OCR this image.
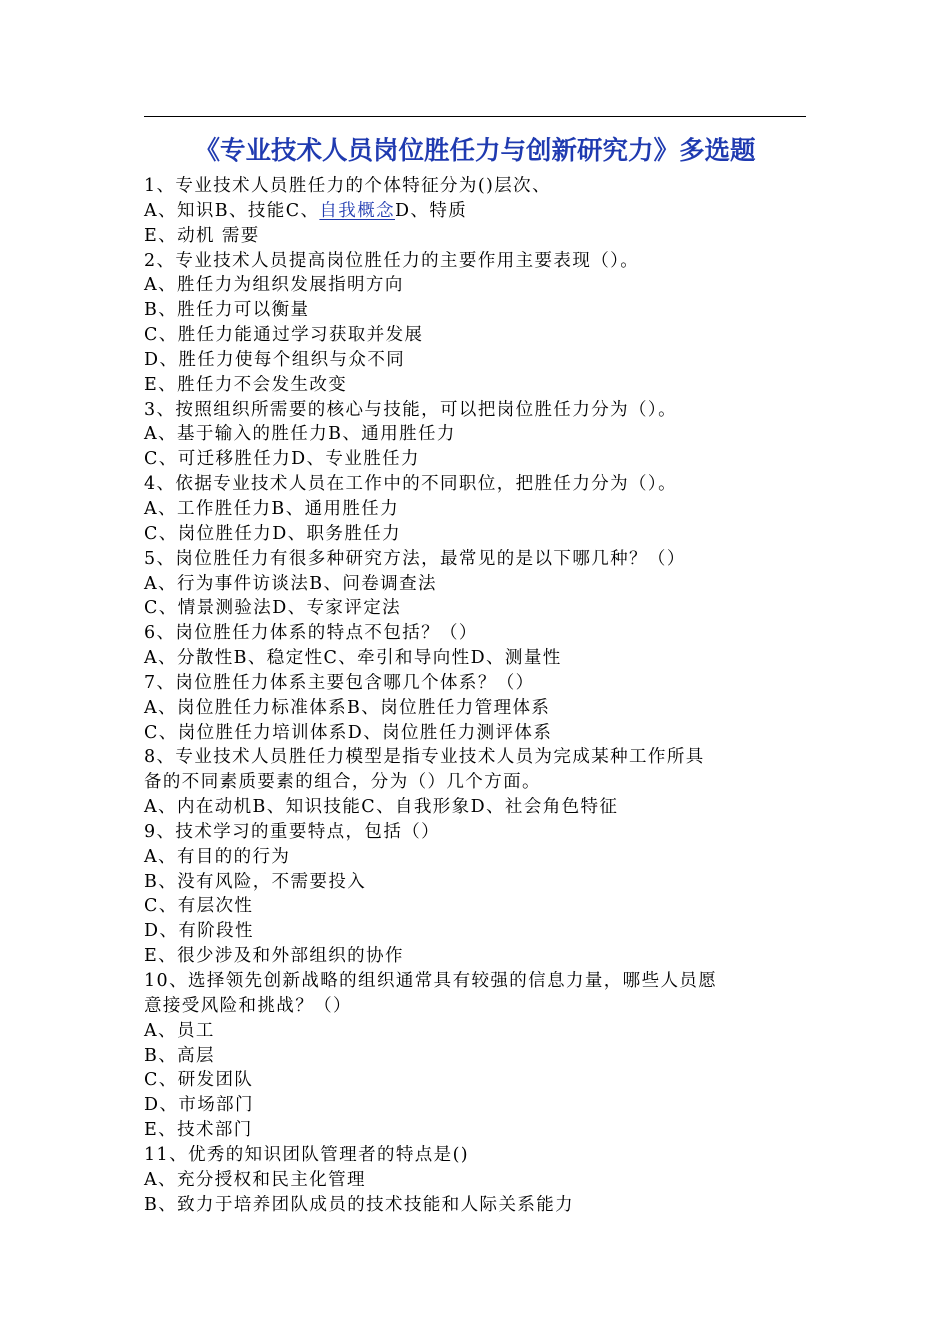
《专业技术人员岗位胜任力与创新研究力》多选题
1、专业技术人员胜任力的个体特征分为()层次、
A、知识B、技能C、自我概念D、特质
E、动机 需要
2、专业技术人员提高岗位胜任力的主要作用主要表现（）。
A、胜任力为组织发展指明方向
B、胜任力可以衡量
C、胜任力能通过学习获取并发展
D、胜任力使每个组织与众不同
E、胜任力不会发生改变
3、按照组织所需要的核心与技能，可以把岗位胜任力分为（）。
A、基于输入的胜任力B、通用胜任力
C、可迁移胜任力D、专业胜任力
4、依据专业技术人员在工作中的不同职位，把胜任力分为（）。
A、工作胜任力B、通用胜任力
C、岗位胜任力D、职务胜任力
5、岗位胜任力有很多种研究方法，最常见的是以下哪几种？（）
A、行为事件访谈法B、问卷调查法
C、情景测验法D、专家评定法
6、岗位胜任力体系的特点不包括？（）
A、分散性B、稳定性C、牵引和导向性D、测量性
7、岗位胜任力体系主要包含哪几个体系？（）
A、岗位胜任力标准体系B、岗位胜任力管理体系
C、岗位胜任力培训体系D、岗位胜任力测评体系
8、专业技术人员胜任力模型是指专业技术人员为完成某种工作所具
备的不同素质要素的组合，分为（）几个方面。
A、内在动机B、知识技能C、自我形象D、社会角色特征
9、技术学习的重要特点，包括（）
A、有目的的行为
B、没有风险，不需要投入
C、有层次性
D、有阶段性
E、很少涉及和外部组织的协作
10、选择领先创新战略的组织通常具有较强的信息力量，哪些人员愿
意接受风险和挑战？（）
A、员工
B、高层
C、研发团队
D、市场部门
E、技术部门
11、优秀的知识团队管理者的特点是()
A、充分授权和民主化管理
B、致力于培养团队成员的技术技能和人际关系能力
